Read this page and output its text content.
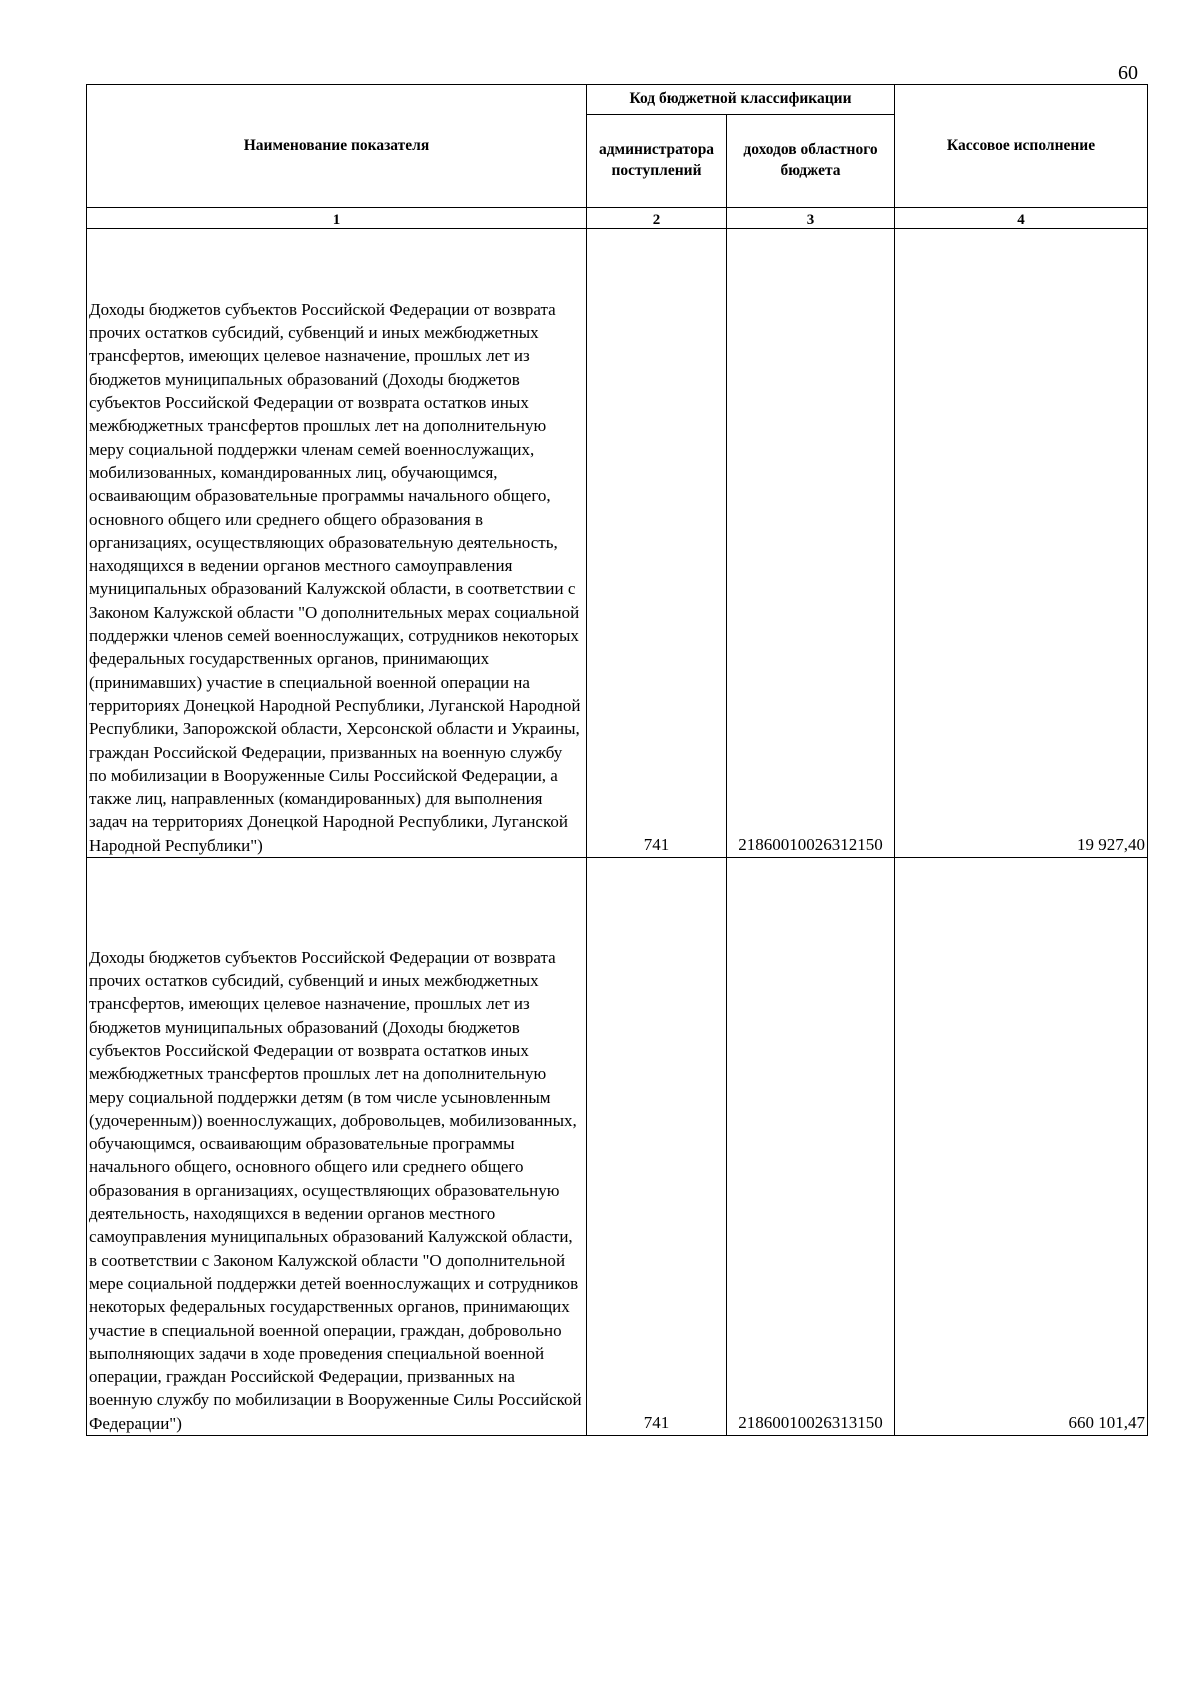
60
Наименование показателя	Код бюджетной классификации		Кассовое исполнение
	администратора поступлений	доходов областного бюджета	
1	2	3	4
Доходы бюджетов субъектов Российской Федерации от возврата прочих остатков субсидий, субвенций и иных межбюджетных трансфертов, имеющих целевое назначение, прошлых лет из бюджетов муниципальных образований (Доходы бюджетов субъектов Российской Федерации от возврата остатков иных межбюджетных трансфертов прошлых лет на дополнительную меру социальной поддержки членам семей военнослужащих, мобилизованных, командированных лиц, обучающимся, осваивающим образовательные программы начального общего, основного общего или среднего общего образования в организациях, осуществляющих образовательную деятельность, находящихся в ведении органов местного самоуправления муниципальных образований Калужской области, в соответствии с Законом Калужской области "О дополнительных мерах социальной поддержки членов семей военнослужащих, сотрудников некоторых федеральных государственных органов, принимающих (принимавших) участие в специальной военной операции на территориях Донецкой Народной Республики, Луганской Народной Республики, Запорожской области, Херсонской области и Украины, граждан Российской Федерации, призванных на военную службу по мобилизации в Вооруженные Силы Российской Федерации, а также лиц, направленных (командированных) для выполнения задач на территориях Донецкой Народной Республики, Луганской Народной Республики")	741	21860010026312150	19 927,40
Доходы бюджетов субъектов Российской Федерации от возврата прочих остатков субсидий, субвенций и иных межбюджетных трансфертов, имеющих целевое назначение, прошлых лет из бюджетов муниципальных образований (Доходы бюджетов субъектов Российской Федерации от возврата остатков иных межбюджетных трансфертов прошлых лет на дополнительную меру социальной поддержки детям (в том числе усыновленным (удочеренным)) военнослужащих, добровольцев, мобилизованных, обучающимся, осваивающим образовательные программы начального общего, основного общего или среднего общего образования в организациях, осуществляющих образовательную деятельность, находящихся в ведении органов местного самоуправления муниципальных образований Калужской области, в соответствии с Законом Калужской области "О дополнительной мере социальной поддержки детей военнослужащих и сотрудников некоторых федеральных государственных органов, принимающих участие в специальной военной операции, граждан, добровольно выполняющих задачи в ходе проведения специальной военной операции, граждан Российской Федерации, призванных на военную службу по мобилизации в Вооруженные Силы Российской Федерации")	741	21860010026313150	660 101,47
